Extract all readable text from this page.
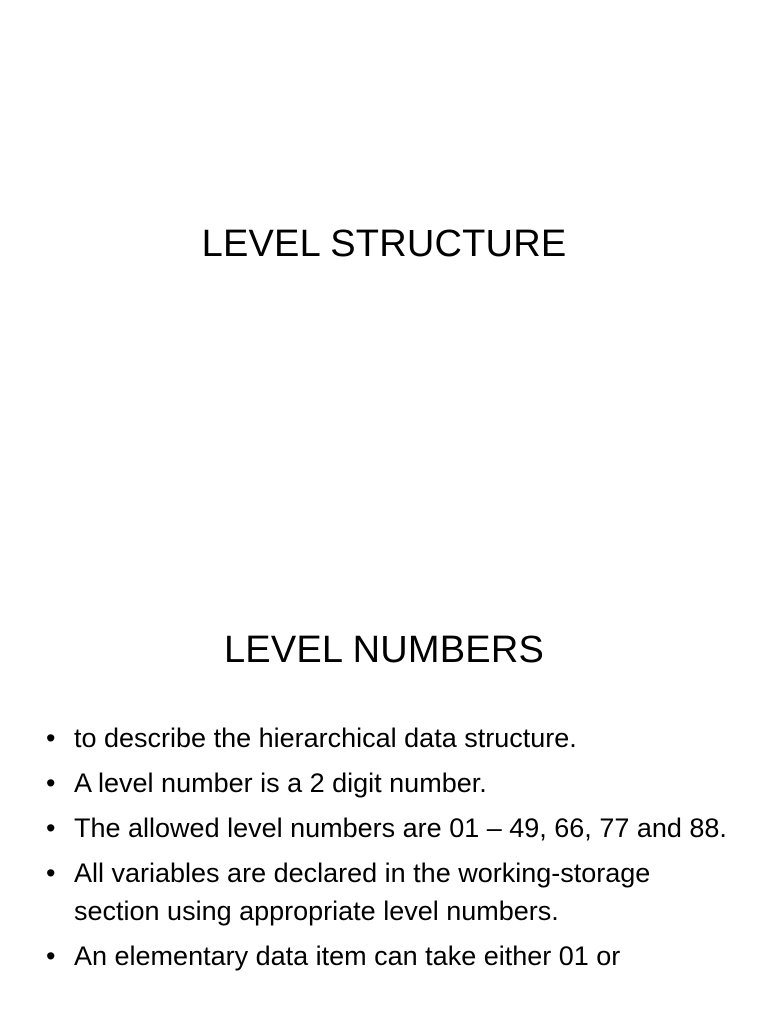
LEVEL STRUCTURE
LEVEL NUMBERS
• to describe the hierarchical data structure.
• A level number is a 2 digit number.
• The allowed level numbers are 01 – 49, 66, 77 and 88.
• All variables are declared in the working-storage section using appropriate level numbers.
• An elementary data item can take either 01 or
